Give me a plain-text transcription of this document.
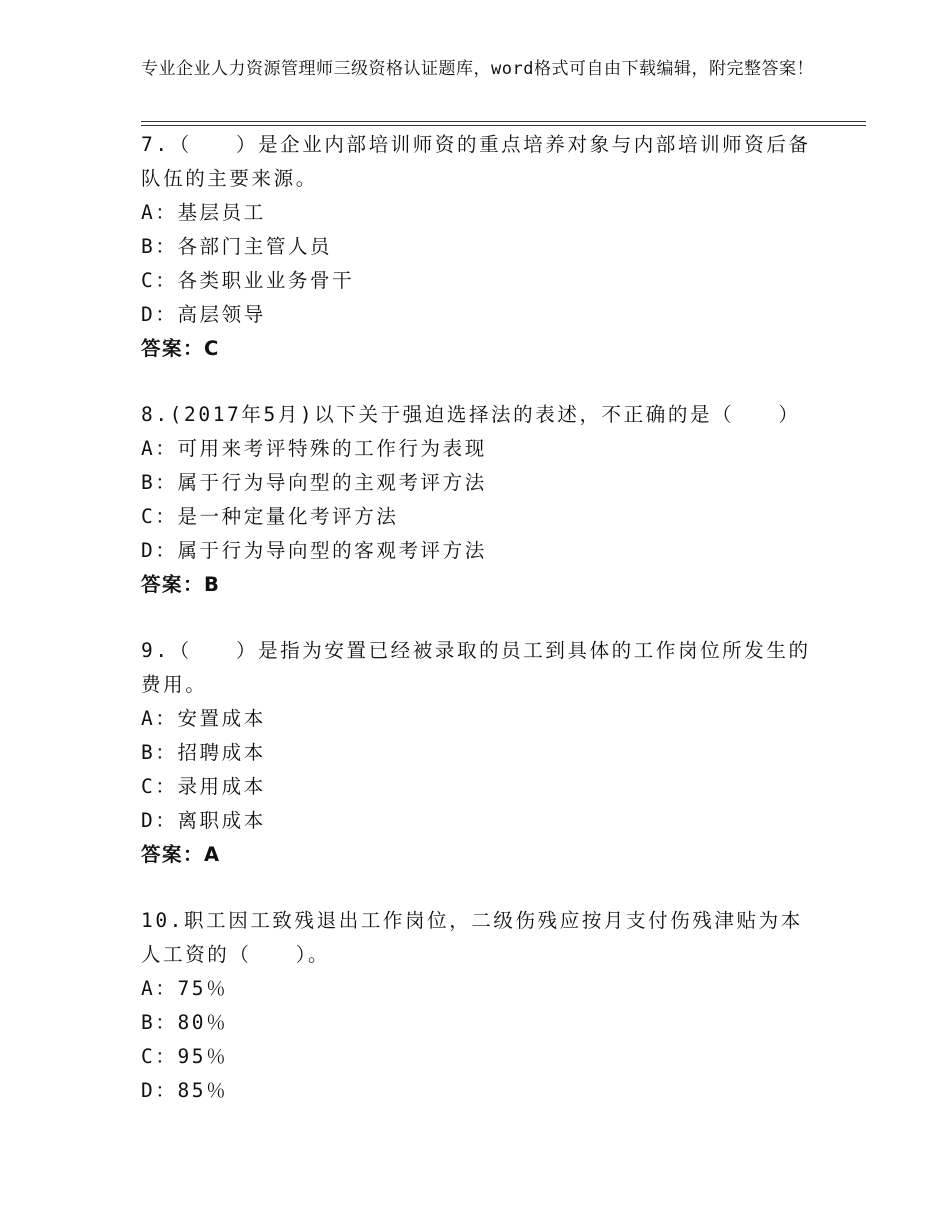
专业企业人力资源管理师三级资格认证题库，word格式可自由下载编辑，附完整答案！
7.（　　）是企业内部培训师资的重点培养对象与内部培训师资后备队伍的主要来源。
A：基层员工
B：各部门主管人员
C：各类职业业务骨干
D：高层领导
答案：C
8.(2017年5月)以下关于强迫选择法的表述，不正确的是（　　）
A：可用来考评特殊的工作行为表现
B：属于行为导向型的主观考评方法
C：是一种定量化考评方法
D：属于行为导向型的客观考评方法
答案：B
9.（　　）是指为安置已经被录取的员工到具体的工作岗位所发生的费用。
A：安置成本
B：招聘成本
C：录用成本
D：离职成本
答案：A
10.职工因工致残退出工作岗位，二级伤残应按月支付伤残津贴为本人工资的（　　）。
A：75％
B：80％
C：95％
D：85％
